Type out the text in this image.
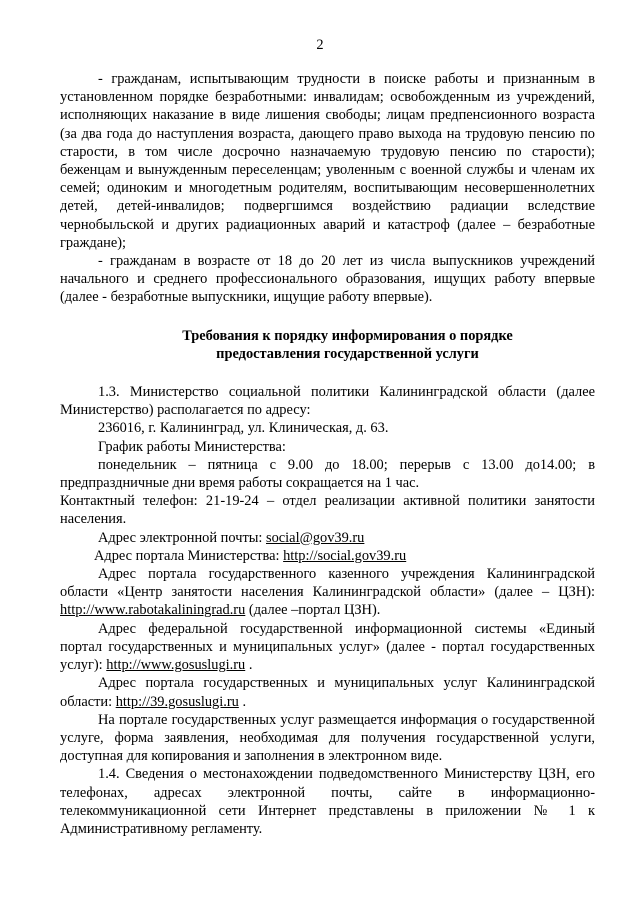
2

- гражданам, испытывающим трудности в поиске работы и признанным в установленном порядке безработными: инвалидам; освобожденным из учреждений, исполняющих наказание в виде лишения свободы; лицам предпенсионного возраста (за два года до наступления возраста, дающего право выхода на трудовую пенсию по старости, в том числе досрочно назначаемую трудовую пенсию по старости); беженцам и вынужденным переселенцам; уволенным с военной службы и членам их семей; одиноким и многодетным родителям, воспитывающим несовершеннолетних детей, детей-инвалидов; подвергшимся воздействию радиации вследствие чернобыльской и других радиационных аварий и катастроф (далее – безработные граждане);

- гражданам в возрасте от 18 до 20 лет из числа выпускников учреждений начального и среднего профессионального образования, ищущих работу впервые (далее - безработные выпускники, ищущие работу впервые).

Требования к порядку информирования о порядке
предоставления государственной услуги

1.3. Министерство социальной политики Калининградской области (далее Министерство) располагается по адресу:

236016, г. Калининград, ул. Клиническая, д. 63.

График работы Министерства:

понедельник – пятница с 9.00 до 18.00; перерыв с 13.00 до14.00; в предпраздничные дни время работы сокращается на 1 час.

Контактный телефон: 21-19-24 – отдел реализации активной политики занятости населения.

Адрес электронной почты: social@gov39.ru

Адрес портала Министерства: http://social.gov39.ru

Адрес портала государственного казенного учреждения Калининградской области «Центр занятости населения Калининградской области» (далее – ЦЗН): http://www.rabotakaliningrad.ru (далее –портал ЦЗН).

Адрес федеральной государственной информационной системы «Единый портал государственных и муниципальных услуг» (далее - портал государственных услуг): http://www.gosuslugi.ru .

Адрес портала государственных и муниципальных услуг Калининградской области: http://39.gosuslugi.ru .

На портале государственных услуг размещается информация о государственной услуге, форма заявления, необходимая для получения государственной услуги, доступная для копирования и заполнения в электронном виде.

1.4. Сведения о местонахождении подведомственного Министерству ЦЗН, его телефонах, адресах электронной почты, сайте в информационно-телекоммуникационной сети Интернет представлены в приложении № 1 к Административному регламенту.
